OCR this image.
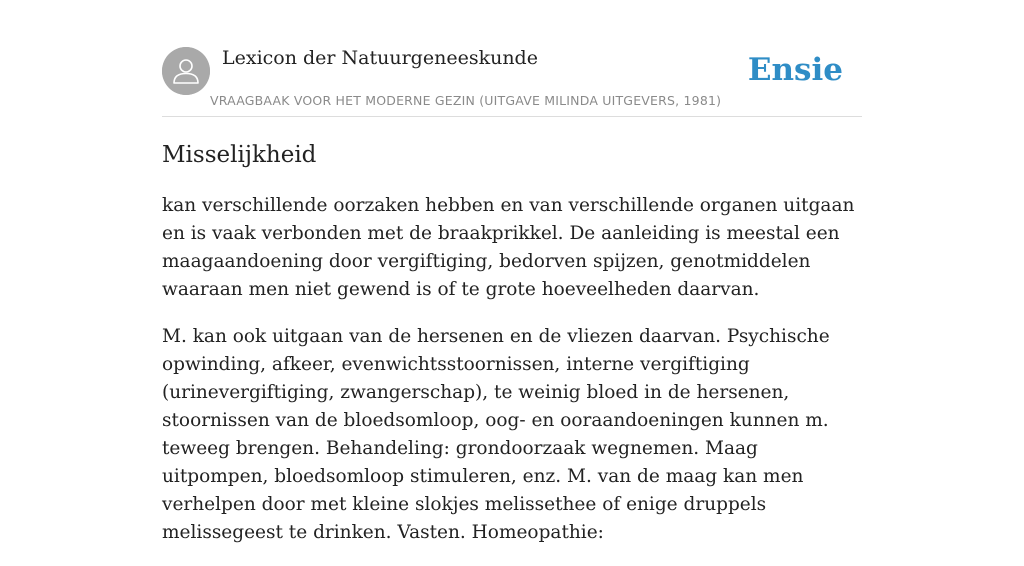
Lexicon der Natuurgeneeskunde
VRAAGBAAK VOOR HET MODERNE GEZIN (UITGAVE MILINDA UITGEVERS, 1981)
Ensie
Misselijkheid

kan verschillende oorzaken hebben en van verschillende organen uitgaan en is vaak verbonden met de braakprikkel. De aanleiding is meestal een maagaandoening door vergiftiging, bedorven spijzen, genotmiddelen waaraan men niet gewend is of te grote hoeveelheden daarvan.

M. kan ook uitgaan van de hersenen en de vliezen daarvan. Psychische opwinding, afkeer, evenwichtsstoornissen, interne vergiftiging (urinevergiftiging, zwangerschap), te weinig bloed in de hersenen, stoornissen van de bloedsomloop, oog- en ooraandoeningen kunnen m. teweeg brengen. Behandeling: grondoorzaak wegnemen. Maag uitpompen, bloedsomloop stimuleren, enz. M. van de maag kan men verhelpen door met kleine slokjes melissethee of enige druppels melissegeest te drinken. Vasten. Homeopathie:
